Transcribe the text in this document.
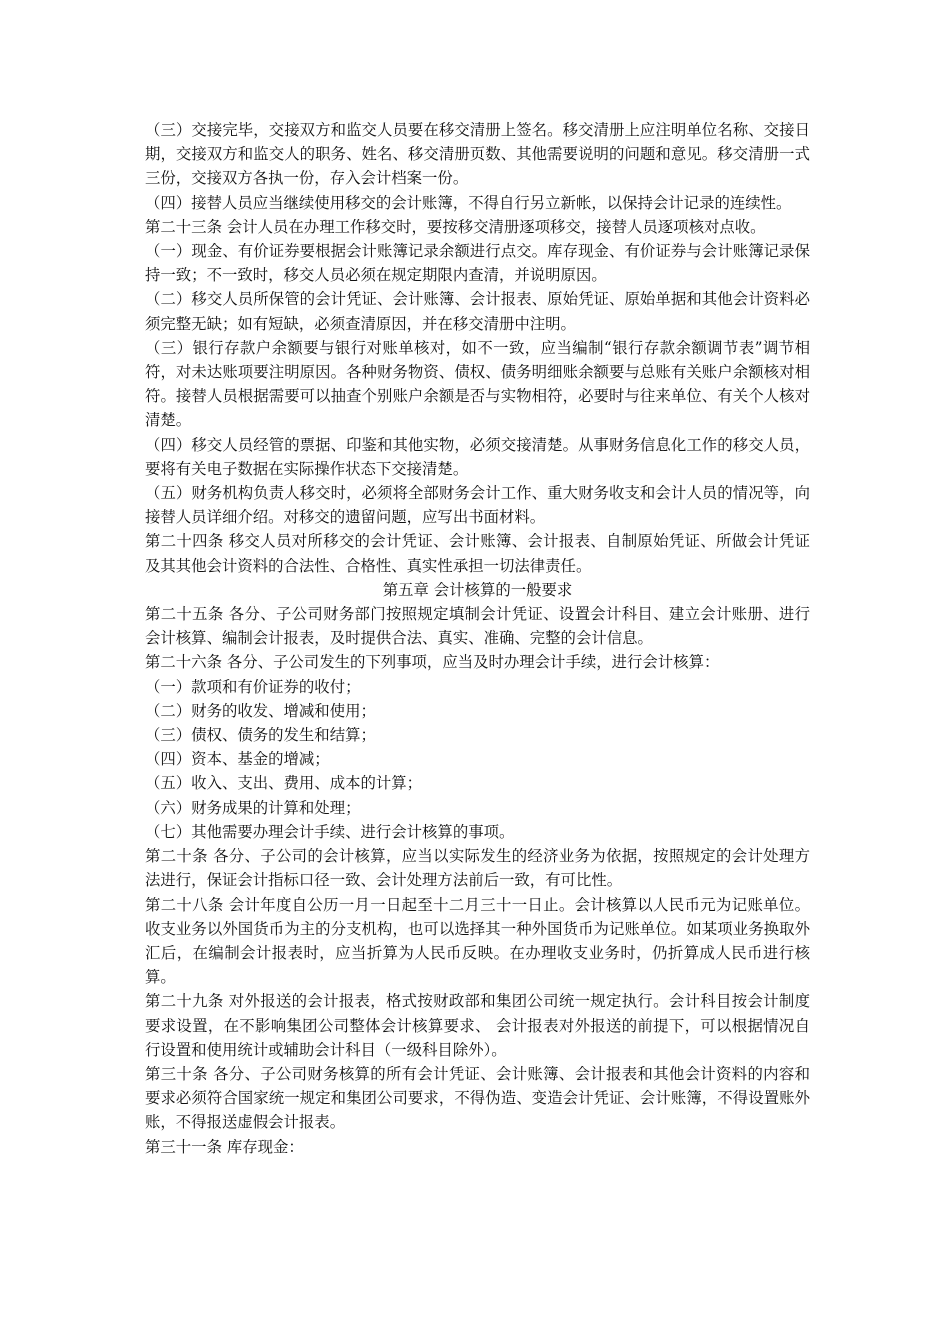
（三）交接完毕，交接双方和监交人员要在移交清册上签名。移交清册上应注明单位名称、交接日期，交接双方和监交人的职务、姓名、移交清册页数、其他需要说明的问题和意见。移交清册一式三份，交接双方各执一份，存入会计档案一份。

（四）接替人员应当继续使用移交的会计账簿，不得自行另立新帐，以保持会计记录的连续性。

第二十三条 会计人员在办理工作移交时，要按移交清册逐项移交，接替人员逐项核对点收。

（一）现金、有价证券要根据会计账簿记录余额进行点交。库存现金、有价证券与会计账簿记录保持一致；不一致时，移交人员必须在规定期限内查清，并说明原因。

（二）移交人员所保管的会计凭证、会计账簿、会计报表、原始凭证、原始单据和其他会计资料必须完整无缺；如有短缺，必须查清原因，并在移交清册中注明。

（三）银行存款户余额要与银行对账单核对，如不一致，应当编制“银行存款余额调节表”调节相符，对未达账项要注明原因。各种财务物资、债权、债务明细账余额要与总账有关账户余额核对相符。接替人员根据需要可以抽查个别账户余额是否与实物相符，必要时与往来单位、有关个人核对清楚。

（四）移交人员经管的票据、印鉴和其他实物，必须交接清楚。从事财务信息化工作的移交人员，要将有关电子数据在实际操作状态下交接清楚。

（五）财务机构负责人移交时，必须将全部财务会计工作、重大财务收支和会计人员的情况等，向接替人员详细介绍。对移交的遗留问题，应写出书面材料。

第二十四条 移交人员对所移交的会计凭证、会计账簿、会计报表、自制原始凭证、所做会计凭证及其其他会计资料的合法性、合格性、真实性承担一切法律责任。

第五章 会计核算的一般要求

第二十五条 各分、子公司财务部门按照规定填制会计凭证、设置会计科目、建立会计账册、进行会计核算、编制会计报表，及时提供合法、真实、准确、完整的会计信息。

第二十六条 各分、子公司发生的下列事项，应当及时办理会计手续，进行会计核算：

（一）款项和有价证券的收付；

（二）财务的收发、增减和使用；

（三）债权、债务的发生和结算；

（四）资本、基金的增减；

（五）收入、支出、费用、成本的计算；

（六）财务成果的计算和处理；

（七）其他需要办理会计手续、进行会计核算的事项。

第二十条 各分、子公司的会计核算，应当以实际发生的经济业务为依据，按照规定的会计处理方法进行，保证会计指标口径一致、会计处理方法前后一致，有可比性。

第二十八条 会计年度自公历一月一日起至十二月三十一日止。会计核算以人民币元为记账单位。收支业务以外国货币为主的分支机构，也可以选择其一种外国货币为记账单位。如某项业务换取外汇后，在编制会计报表时，应当折算为人民币反映。在办理收支业务时，仍折算成人民币进行核算。

第二十九条 对外报送的会计报表，格式按财政部和集团公司统一规定执行。会计科目按会计制度要求设置，在不影响集团公司整体会计核算要求、 会计报表对外报送的前提下，可以根据情况自行设置和使用统计或辅助会计科目（一级科目除外）。

第三十条 各分、子公司财务核算的所有会计凭证、会计账簿、会计报表和其他会计资料的内容和要求必须符合国家统一规定和集团公司要求，不得伪造、变造会计凭证、会计账簿，不得设置账外账，不得报送虚假会计报表。

第三十一条 库存现金：
